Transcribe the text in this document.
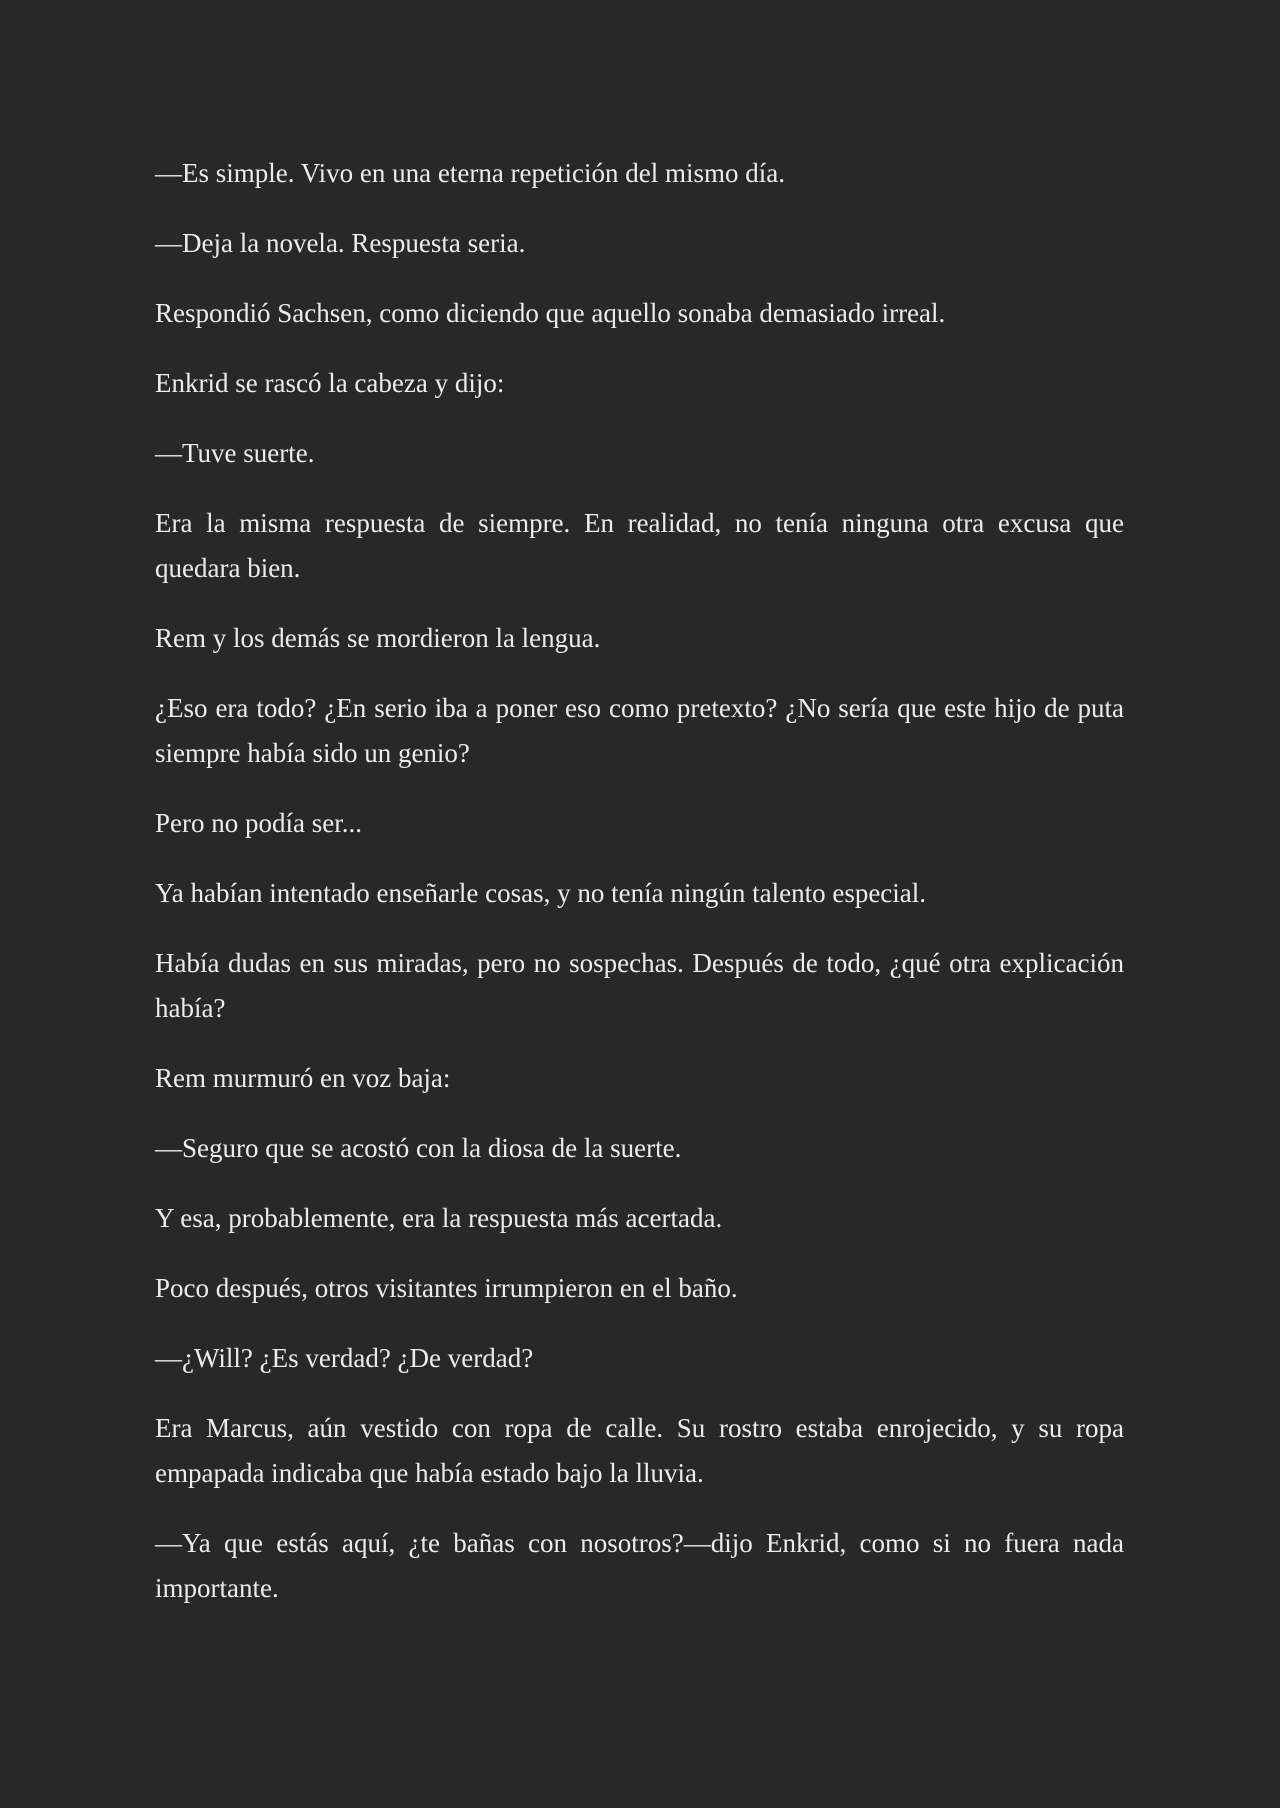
—Es simple. Vivo en una eterna repetición del mismo día.

—Deja la novela. Respuesta seria.

Respondió Sachsen, como diciendo que aquello sonaba demasiado irreal.

Enkrid se rascó la cabeza y dijo:

—Tuve suerte.

Era la misma respuesta de siempre. En realidad, no tenía ninguna otra excusa que quedara bien.

Rem y los demás se mordieron la lengua.

¿Eso era todo? ¿En serio iba a poner eso como pretexto? ¿No sería que este hijo de puta siempre había sido un genio?

Pero no podía ser...

Ya habían intentado enseñarle cosas, y no tenía ningún talento especial.

Había dudas en sus miradas, pero no sospechas. Después de todo, ¿qué otra explicación había?

Rem murmuró en voz baja:

—Seguro que se acostó con la diosa de la suerte.

Y esa, probablemente, era la respuesta más acertada.

Poco después, otros visitantes irrumpieron en el baño.

—¿Will? ¿Es verdad? ¿De verdad?

Era Marcus, aún vestido con ropa de calle. Su rostro estaba enrojecido, y su ropa empapada indicaba que había estado bajo la lluvia.

—Ya que estás aquí, ¿te bañas con nosotros?—dijo Enkrid, como si no fuera nada importante.
